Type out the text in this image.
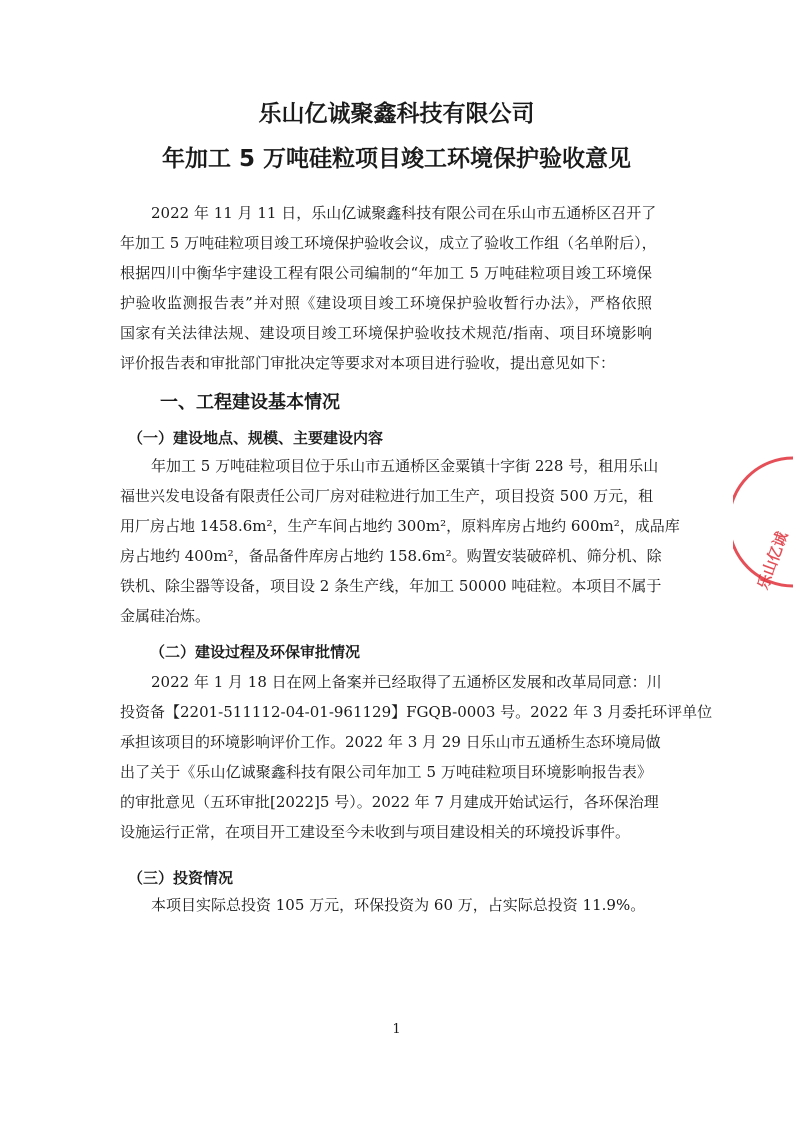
乐山亿诚聚鑫科技有限公司
年加工 5 万吨硅粒项目竣工环境保护验收意见
2022 年 11 月 11 日，乐山亿诚聚鑫科技有限公司在乐山市五通桥区召开了
年加工 5 万吨硅粒项目竣工环境保护验收会议，成立了验收工作组（名单附后），
根据四川中衡华宇建设工程有限公司编制的“年加工 5 万吨硅粒项目竣工环境保
护验收监测报告表”并对照《建设项目竣工环境保护验收暂行办法》，严格依照
国家有关法律法规、建设项目竣工环境保护验收技术规范/指南、项目环境影响
评价报告表和审批部门审批决定等要求对本项目进行验收，提出意见如下：
一、工程建设基本情况
（一）建设地点、规模、主要建设内容
年加工 5 万吨硅粒项目位于乐山市五通桥区金粟镇十字街 228 号，租用乐山
福世兴发电设备有限责任公司厂房对硅粒进行加工生产，项目投资 500 万元，租
用厂房占地 1458.6m²，生产车间占地约 300m²，原料库房占地约 600m²，成品库
房占地约 400m²，备品备件库房占地约 158.6m²。购置安装破碎机、筛分机、除
铁机、除尘器等设备，项目设 2 条生产线，年加工 50000 吨硅粒。本项目不属于
金属硅冶炼。
（二）建设过程及环保审批情况
2022 年 1 月 18 日在网上备案并已经取得了五通桥区发展和改革局同意：川
投资备【2201-511112-04-01-961129】FGQB-0003 号。2022 年 3 月委托环评单位
承担该项目的环境影响评价工作。2022 年 3 月 29 日乐山市五通桥生态环境局做
出了关于《乐山亿诚聚鑫科技有限公司年加工 5 万吨硅粒项目环境影响报告表》
的审批意见（五环审批[2022]5 号）。2022 年 7 月建成开始试运行，各环保治理
设施运行正常，在项目开工建设至今未收到与项目建设相关的环境投诉事件。
（三）投资情况
本项目实际总投资 105 万元，环保投资为 60 万，占实际总投资 11.9%。
乐山亿诚
1
